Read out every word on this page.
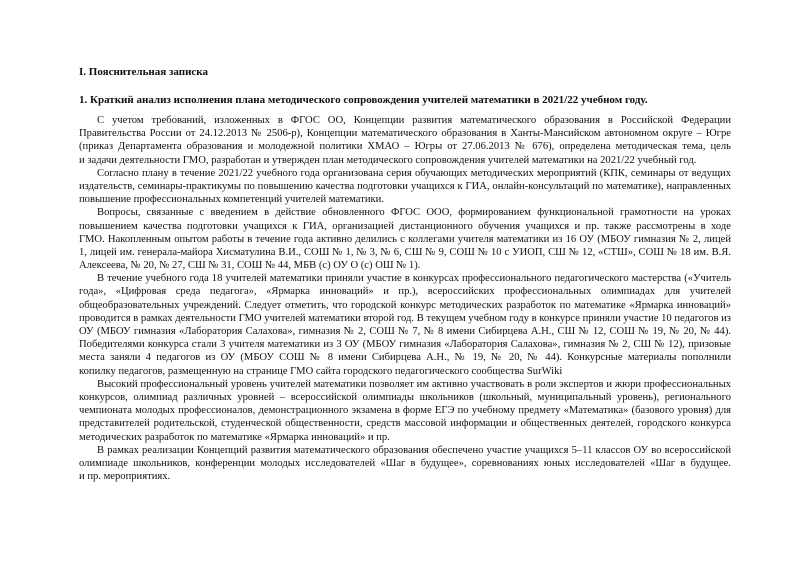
I. Пояснительная записка
1. Краткий анализ исполнения плана методического сопровождения учителей математики в 2021/22 учебном году.
С учетом требований, изложенных в ФГОС ОО, Концепции развития математического образования в Российской Федерации
Правительства России от 24.12.2013 № 2506-р), Концепции математического образования в Ханты-Мансийском автономном округе – Югре
(приказ Департамента образования и молодежной политики ХМАО – Югры от 27.06.2013 № 676), определена методическая тема, цель
и задачи деятельности ГМО, разработан и утвержден план методического сопровождения учителей математики на 2021/22 учебный год.
Согласно плану в течение 2021/22 учебного года организована серия обучающих методических мероприятий (КПК, семинары от ведущих
издательств, семинары-практикумы по повышению качества подготовки учащихся к ГИА, онлайн-консультаций по математике), направленных
повышение профессиональных компетенций учителей математики.
Вопросы, связанные с введением в действие обновленного ФГОС ООО, формированием функциональной грамотности на уроках
повышением качества подготовки учащихся к ГИА, организацией дистанционного обучения учащихся и пр. также рассмотрены в ходе
ГМО. Накопленным опытом работы в течение года активно делились с коллегами учителя математики из 16 ОУ (МБОУ гимназия № 2, лицей
1, лицей им. генерала-майора Хисматулина В.И., СОШ № 1, № 3, № 6, СШ № 9, СОШ № 10 с УИОП, СШ № 12, «СТШ», СОШ № 18 им. В.Я.
Алексеева, № 20, № 27, СШ № 31, СОШ № 44, МБВ (с) ОУ О (с) ОШ № 1).
В течение учебного года 18 учителей математики приняли участие в конкурсах профессионального педагогического мастерства («Учитель
года», «Цифровая среда педагога», «Ярмарка инноваций» и пр.), всероссийских профессиональных олимпиадах для учителей
общеобразовательных учреждений. Следует отметить, что городской конкурс методических разработок по математике «Ярмарка инноваций»
проводится в рамках деятельности ГМО учителей математики второй год. В текущем учебном году в конкурсе приняли участие 10 педагогов из
ОУ (МБОУ гимназия «Лаборатория Салахова», гимназия № 2, СОШ № 7, № 8 имени Сибирцева А.Н., СШ № 12, СОШ № 19, № 20, № 44).
Победителями конкурса стали 3 учителя математики из 3 ОУ (МБОУ гимназия «Лаборатория Салахова», гимназия № 2, СШ № 12), призовые
места заняли 4 педагогов из ОУ (МБОУ СОШ № 8 имени Сибирцева А.Н., № 19, № 20, № 44). Конкурсные материалы пополнили
копилку педагогов, размещенную на странице ГМО сайта городского педагогического сообщества SurWiki
Высокий профессиональный уровень учителей математики позволяет им активно участвовать в роли экспертов и жюри профессиональных
конкурсов, олимпиад различных уровней – всероссийской олимпиады школьников (школьный, муниципальный уровень), регионального
чемпионата молодых профессионалов, демонстрационного экзамена в форме ЕГЭ по учебному предмету «Математика» (базового уровня) для
представителей родительской, студенческой общественности, средств массовой информации и общественных деятелей, городского конкурса
методических разработок по математике «Ярмарка инноваций» и пр.
В рамках реализации Концепций развития математического образования обеспечено участие учащихся 5–11 классов ОУ во всероссийской
олимпиаде школьников, конференции молодых исследователей «Шаг в будущее», соревнованиях юных исследователей «Шаг в будущее.
и пр. мероприятиях.
